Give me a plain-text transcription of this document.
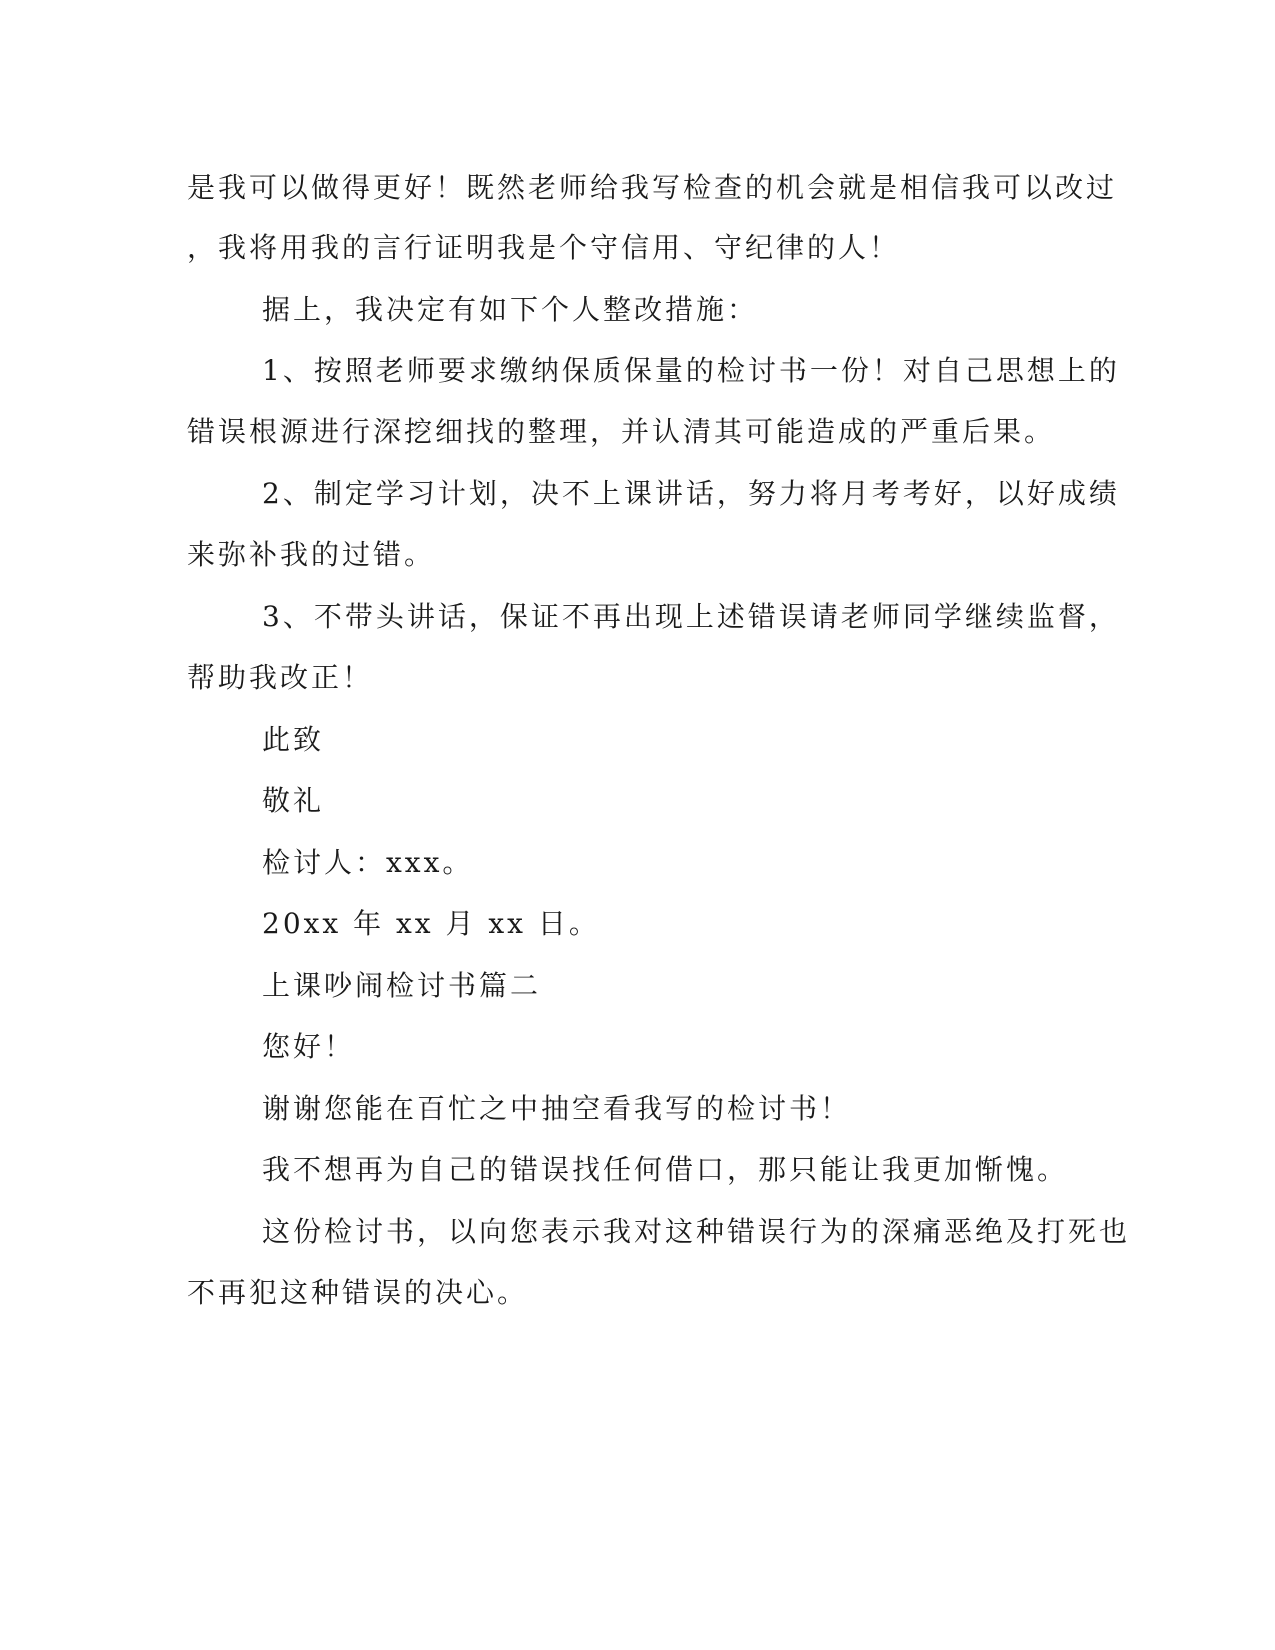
是我可以做得更好！既然老师给我写检查的机会就是相信我可以改过

，我将用我的言行证明我是个守信用、守纪律的人！

据上，我决定有如下个人整改措施：

1、按照老师要求缴纳保质保量的检讨书一份！对自己思想上的

错误根源进行深挖细找的整理，并认清其可能造成的严重后果。

2、制定学习计划，决不上课讲话，努力将月考考好，以好成绩

来弥补我的过错。

3、不带头讲话，保证不再出现上述错误请老师同学继续监督，

帮助我改正！

此致

敬礼

检讨人：xxx。

20xx 年 xx 月 xx 日。

上课吵闹检讨书篇二

您好！

谢谢您能在百忙之中抽空看我写的检讨书！

我不想再为自己的错误找任何借口，那只能让我更加惭愧。

这份检讨书，以向您表示我对这种错误行为的深痛恶绝及打死也

不再犯这种错误的决心。
